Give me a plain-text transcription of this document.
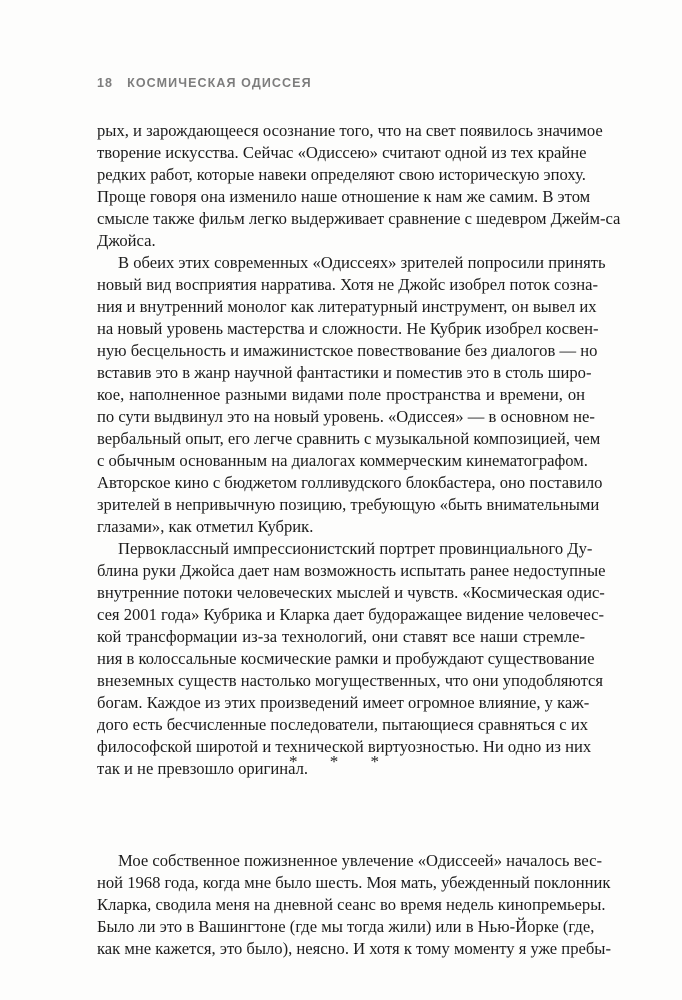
18 КОСМИЧЕСКАЯ ОДИССЕЯ
рых, и зарождающееся осознание того, что на свет появилось значимое
творение искусства. Сейчас «Одиссею» считают одной из тех крайне
редких работ, которые навеки определяют свою историческую эпоху.
Проще говоря она изменило наше отношение к нам же самим. В этом
смысле также фильм легко выдерживает сравнение с шедевром Джейм-са
Джойса.
В обеих этих современных «Одиссеях» зрителей попросили принять
новый вид восприятия нарратива. Хотя не Джойс изобрел поток созна-
ния и внутренний монолог как литературный инструмент, он вывел их
на новый уровень мастерства и сложности. Не Кубрик изобрел косвен-
ную бесцельность и имажинистское повествование без диалогов — но
вставив это в жанр научной фантастики и поместив это в столь широ-
кое, наполненное разными видами поле пространства и времени, он
по сути выдвинул это на новый уровень. «Одиссея» — в основном не-
вербальный опыт, его легче сравнить с музыкальной композицией, чем
с обычным основанным на диалогах коммерческим кинематографом.
Авторское кино с бюджетом голливудского блокбастера, оно поставило
зрителей в непривычную позицию, требующую «быть внимательными
глазами», как отметил Кубрик.
Первоклассный импрессионистский портрет провинциального Ду-
блина руки Джойса дает нам возможность испытать ранее недоступные
внутренние потоки человеческих мыслей и чувств. «Космическая одис-
сея 2001 года» Кубрика и Кларка дает будоражащее видение человечес-
кой трансформации из-за технологий, они ставят все наши стремле-
ния в колоссальные космические рамки и пробуждают существование
внеземных существ настолько могущественных, что они уподобляются
богам. Каждое из этих произведений имеет огромное влияние, у каж-
дого есть бесчисленные последователи, пытающиеся сравняться с их
философской широтой и технической виртуозностью. Ни одно из них
так и не превзошло оригинал.
Мое собственное пожизненное увлечение «Одиссеей» началось вес-
ной 1968 года, когда мне было шесть. Моя мать, убежденный поклонник
Кларка, сводила меня на дневной сеанс во время недель кинопремьеры.
Было ли это в Вашингтоне (где мы тогда жили) или в Нью-Йорке (где,
как мне кажется, это было), неясно. И хотя к тому моменту я уже пребы-
* * *
